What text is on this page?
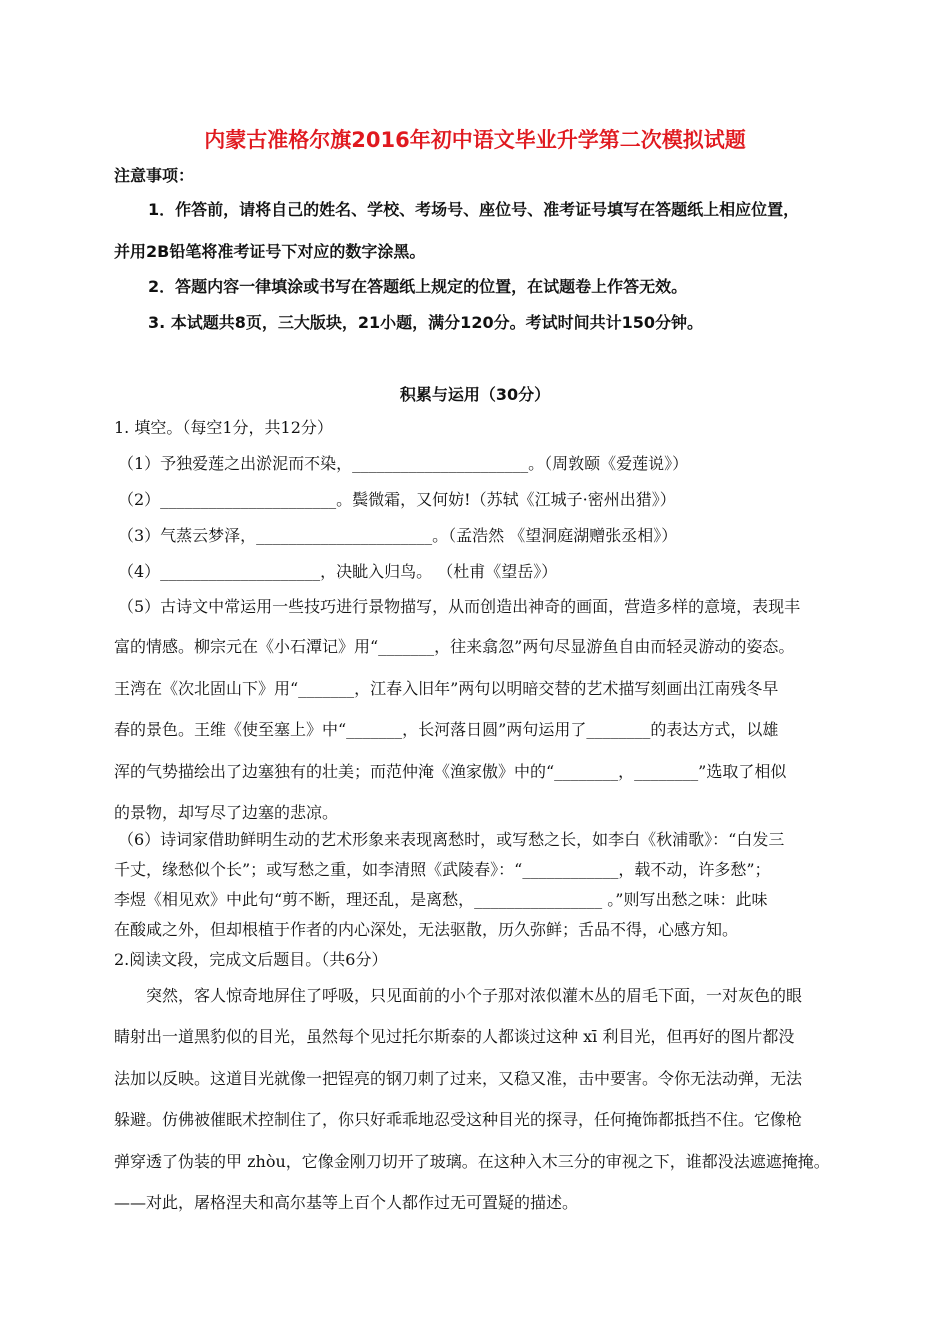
内蒙古准格尔旗2016年初中语文毕业升学第二次模拟试题
注意事项：
1．作答前，请将自己的姓名、学校、考场号、座位号、准考证号填写在答题纸上相应位置，
并用2B铅笔将准考证号下对应的数字涂黑。
2．答题内容一律填涂或书写在答题纸上规定的位置，在试题卷上作答无效。
3. 本试题共8页，三大版块，21小题，满分120分。考试时间共计150分钟。
积累与运用（30分）
1. 填空。（每空1分，共12分）
（1）予独爱莲之出淤泥而不染，______________________。（周敦颐《爱莲说》）
（2）______________________。鬓微霜，又何妨!（苏轼《江城子·密州出猎》）
（3）气蒸云梦泽，______________________。（孟浩然 《望洞庭湖赠张丞相》）
（4）____________________，决眦入归鸟。 （杜甫《望岳》）
（5）古诗文中常运用一些技巧进行景物描写，从而创造出神奇的画面，营造多样的意境，表现丰
富的情感。柳宗元在《小石潭记》用“_______，往来翕忽”两句尽显游鱼自由而轻灵游动的姿态。
王湾在《次北固山下》用“_______，江春入旧年”两句以明暗交替的艺术描写刻画出江南残冬早
春的景色。王维《使至塞上》中“_______，长河落日圆”两句运用了________的表达方式，以雄
浑的气势描绘出了边塞独有的壮美；而范仲淹《渔家傲》中的“________，________”选取了相似
的景物，却写尽了边塞的悲凉。
（6）诗词家借助鲜明生动的艺术形象来表现离愁时，或写愁之长，如李白《秋浦歌》：“白发三
千丈，缘愁似个长”；或写愁之重，如李清照《武陵春》：“____________，载不动，许多愁”；
李煜《相见欢》中此句“剪不断，理还乱，是离愁，________________ 。”则写出愁之味：此味
在酸咸之外，但却根植于作者的内心深处，无法驱散，历久弥鲜；舌品不得，心感方知。
2.阅读文段，完成文后题目。（共6分）
突然，客人惊奇地屏住了呼吸，只见面前的小个子那对浓似灌木丛的眉毛下面，一对灰色的眼
睛射出一道黑豹似的目光，虽然每个见过托尔斯泰的人都谈过这种 xī 利目光，但再好的图片都没
法加以反映。这道目光就像一把锃亮的钢刀刺了过来，又稳又准，击中要害。令你无法动弹，无法
躲避。仿佛被催眠术控制住了，你只好乖乖地忍受这种目光的探寻，任何掩饰都抵挡不住。它像枪
弹穿透了伪装的甲 zhòu，它像金刚刀切开了玻璃。在这种入木三分的审视之下，谁都没法遮遮掩掩。
——对此，屠格涅夫和高尔基等上百个人都作过无可置疑的描述。
